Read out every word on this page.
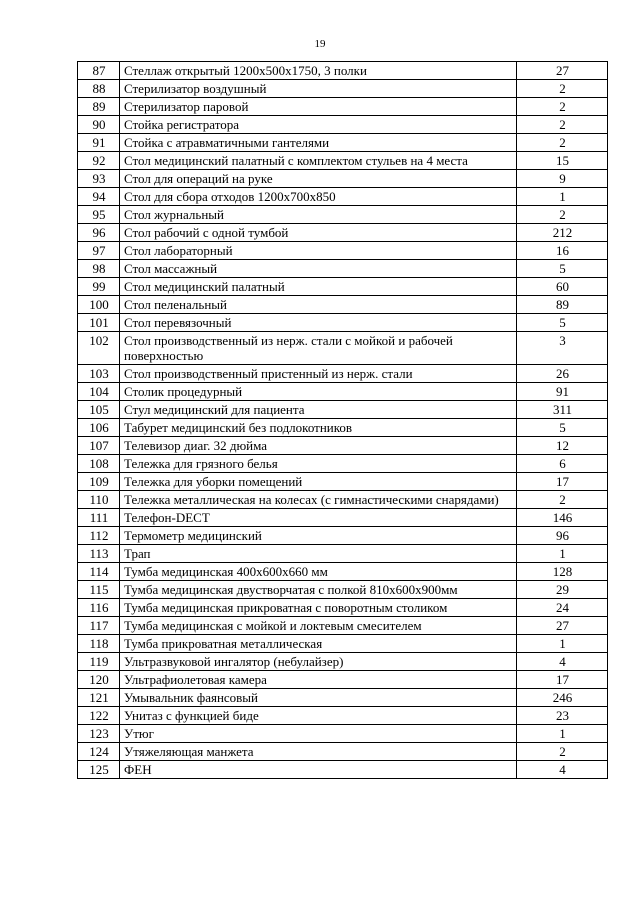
19
87	Стеллаж открытый 1200х500х1750, 3 полки	27
88	Стерилизатор воздушный	2
89	Стерилизатор паровой	2
90	Стойка регистратора	2
91	Стойка с атравматичными гантелями	2
92	Стол медицинский палатный с комплектом стульев на 4 места	15
93	Стол для операций на руке	9
94	Стол для сбора отходов 1200х700х850	1
95	Стол журнальный	2
96	Стол рабочий с одной тумбой	212
97	Стол лабораторный	16
98	Стол массажный	5
99	Стол медицинский палатный	60
100	Стол пеленальный	89
101	Стол перевязочный	5
102	Стол производственный из нерж. стали с мойкой и рабочей поверхностью	3
103	Стол производственный пристенный из нерж. стали	26
104	Столик процедурный	91
105	Стул медицинский для пациента	311
106	Табурет медицинский без подлокотников	5
107	Телевизор диаг. 32 дюйма	12
108	Тележка для грязного белья	6
109	Тележка для уборки помещений	17
110	Тележка металлическая на колесах (с гимнастическими снарядами)	2
111	Телефон-DECT	146
112	Термометр медицинский	96
113	Трап	1
114	Тумба медицинская 400х600х660 мм	128
115	Тумба медицинская двустворчатая с полкой 810х600х900мм	29
116	Тумба медицинская прикроватная с поворотным столиком	24
117	Тумба медицинская с мойкой и локтевым смесителем	27
118	Тумба прикроватная металлическая	1
119	Ультразвуковой ингалятор (небулайзер)	4
120	Ультрафиолетовая камера	17
121	Умывальник фаянсовый	246
122	Унитаз с функцией биде	23
123	Утюг	1
124	Утяжеляющая манжета	2
125	ФЕН	4
